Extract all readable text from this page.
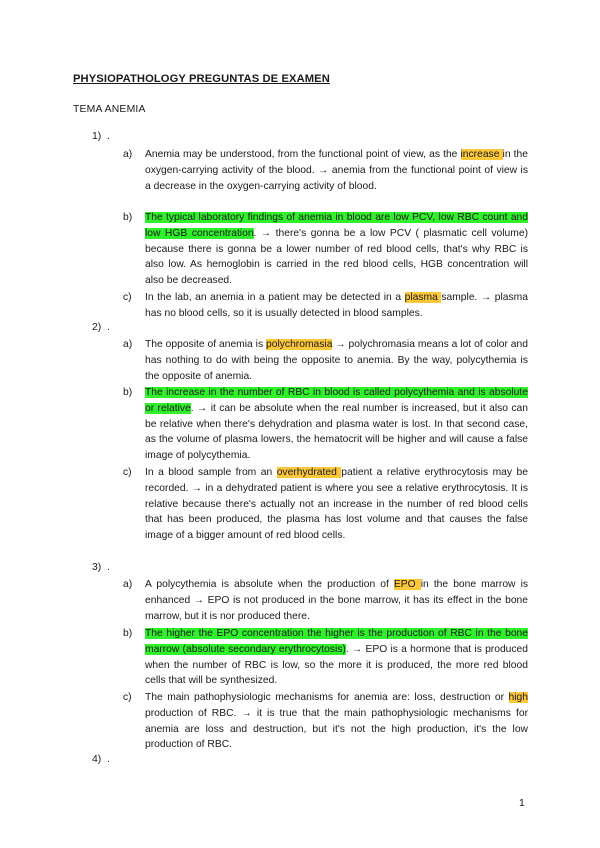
PHYSIOPATHOLOGY PREGUNTAS DE EXAMEN
TEMA ANEMIA
1) .
a) Anemia may be understood, from the functional point of view, as the increase in the oxygen-carrying activity of the blood. → anemia from the functional point of view is a decrease in the oxygen-carrying activity of blood.
b) The typical laboratory findings of anemia in blood are low PCV, low RBC count and low HGB concentration. → there's gonna be a low PCV ( plasmatic cell volume) because there is gonna be a lower number of red blood cells, that's why RBC is also low. As hemoglobin is carried in the red blood cells, HGB concentration will also be decreased.
c) In the lab, an anemia in a patient may be detected in a plasma sample. → plasma has no blood cells, so it is usually detected in blood samples.
2) .
a) The opposite of anemia is polychromasia → polychromasia means a lot of color and has nothing to do with being the opposite to anemia. By the way, polycythemia is the opposite of anemia.
b) The increase in the number of RBC in blood is called polycythemia and is absolute or relative. → it can be absolute when the real number is increased, but it also can be relative when there's dehydration and plasma water is lost. In that second case, as the volume of plasma lowers, the hematocrit will be higher and will cause a false image of polycythemia.
c) In a blood sample from an overhydrated patient a relative erythrocytosis may be recorded. → in a dehydrated patient is where you see a relative erythrocytosis. It is relative because there's actually not an increase in the number of red blood cells that has been produced, the plasma has lost volume and that causes the false image of a bigger amount of red blood cells.
3) .
a) A polycythemia is absolute when the production of EPO in the bone marrow is enhanced → EPO is not produced in the bone marrow, it has its effect in the bone marrow, but it is nor produced there.
b) The higher the EPO concentration the higher is the production of RBC in the bone marrow (absolute secondary erythrocytosis). → EPO is a hormone that is produced when the number of RBC is low, so the more it is produced, the more red blood cells that will be synthesized.
c) The main pathophysiologic mechanisms for anemia are: loss, destruction or high production of RBC. → it is true that the main pathophysiologic mechanisms for anemia are loss and destruction, but it's not the high production, it's the low production of RBC.
4) .
1
